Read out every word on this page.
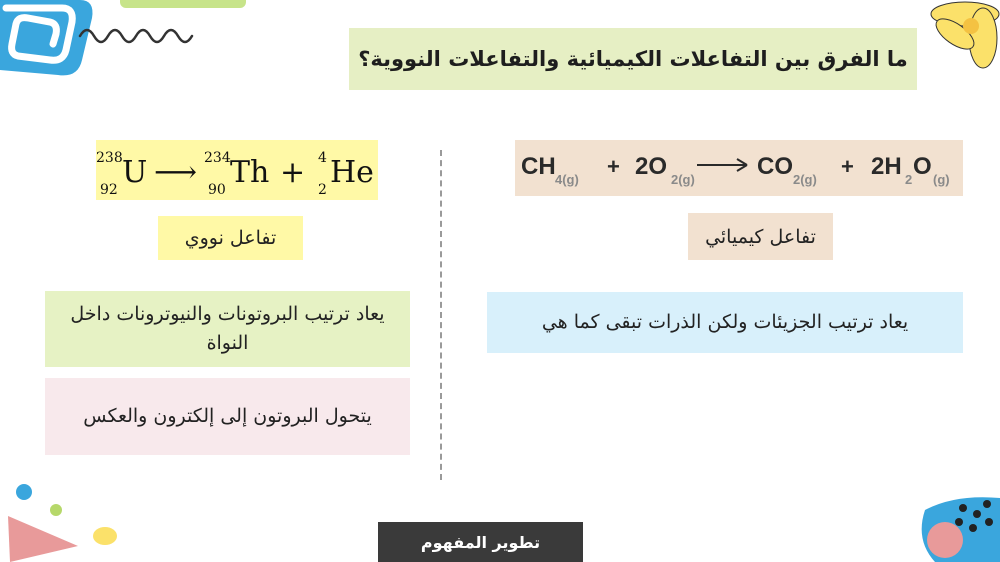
ما الفرق بين التفاعلات الكيميائية والتفاعلات النووية؟
238
92 U ⟶ 234
90 Th + 4
2 He	CH 4(g)
+ 2O 2(g)	CO 2(g)
+ 2H 2 O (g)
تفاعل نووي	تفاعل كيميائي
يعاد ترتيب البروتونات والنيوترونات داخل النواة
يتحول البروتون إلى إلكترون والعكس
يعاد ترتيب الجزيئات ولكن الذرات تبقى كما هي
تطوير المفهوم
